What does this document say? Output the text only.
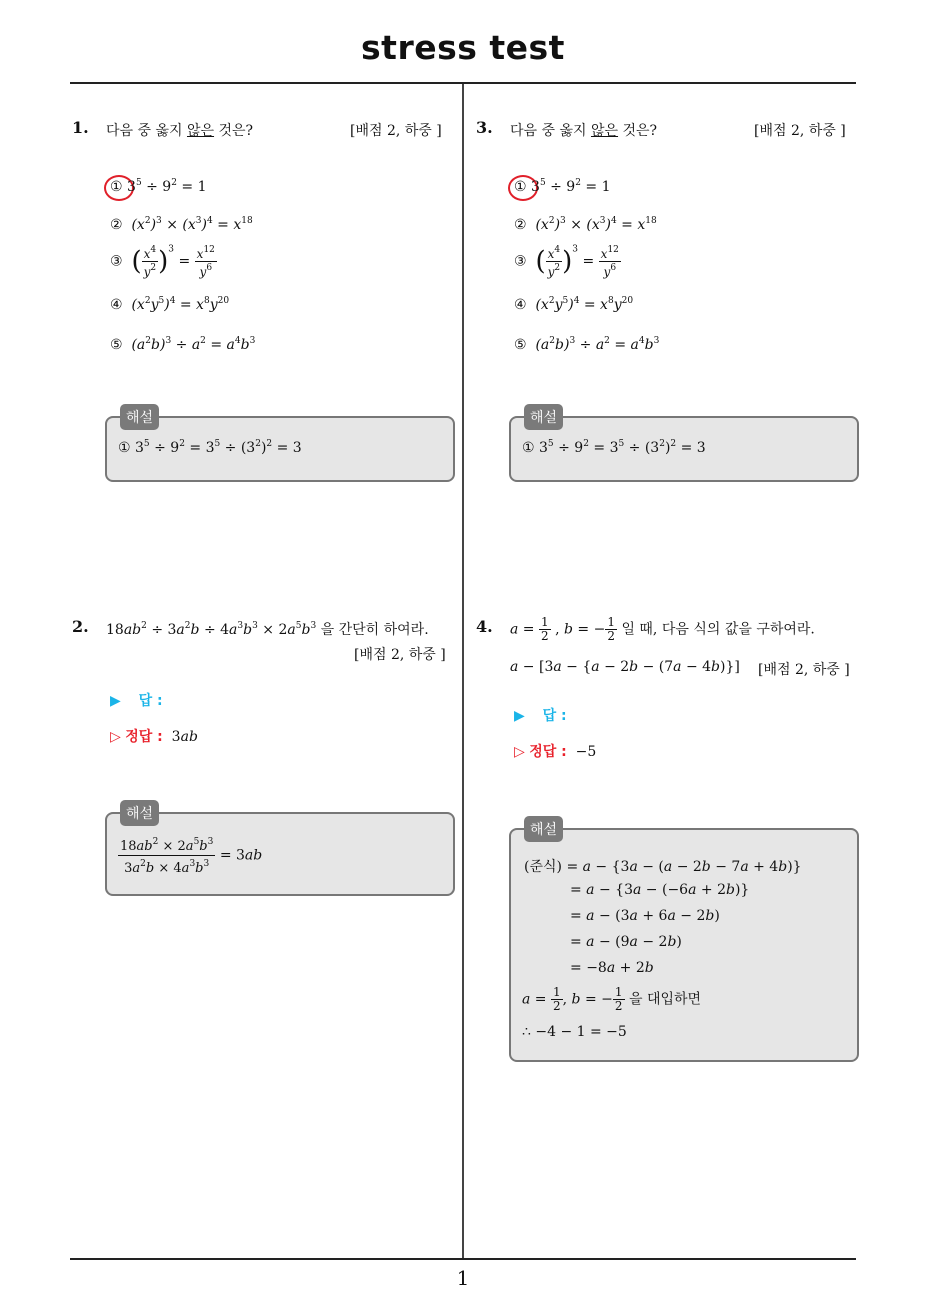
stress test
1
1. 다음 중 옳지 않은 것은?	[배점 2, 하중 ]
① $3^5 \div 9^2 = 1$
② $(x^2)^3 \times (x^3)^4 = x^{18}$
③ ( $\frac{x^4}{y^2} )^3 = \frac{x^{12}}{y^6}$
④ $(x^2y^5)^4 = x^8y^{20}$
⑤ $(a^2b)^3 \div a^2 = a^4b^3$
해설
① $3^5 \div 9^2 = 3^5 \div (3^2)^2 = 3$
3. 다음 중 옳지 않은 것은?	[배점 2, 하중 ]
① $3^5 \div 9^2 = 1$
② $(x^2)^3 \times (x^3)^4 = x^{18}$
③ ( $\frac{x^4}{y^2} )^3 = \frac{x^{12}}{y^6}$
④ $(x^2y^5)^4 = x^8y^{20}$
⑤ $(a^2b)^3 \div a^2 = a^4b^3$
해설
① $3^5 \div 9^2 = 3^5 \div (3^2)^2 = 3$
2. $18ab^2 \div 3a^2b \div 4a^3b^3 \times 2a^5b^3$ 을 간단히 하여라.
[배점 2, 하중 ]
▶ 답 :
▷ 정답 : 3ab
해설
$\frac{18ab^2 \times 2a^5b^3}{3a^2b \times 4a^3b^3} = 3ab$
4. $a = \frac{1}{2}$ , b = − $\frac{1}{2}$ 일 때, 다음 식의 값을 구하여라.
a − [3a − {a − 2b − (7a − 4b)}] [배점 2, 하중 ]
▶ 답 :
▷ 정답 : −5
해설
(준식) = a − {3a − (a − 2b − 7a + 4b)}
= a − {3a − (−6a + 2b)}
= a − (3a + 6a − 2b)
= a − (9a − 2b)
= −8a + 2b
$a = \frac{1}{2}$ , b = − $\frac{1}{2}$ 을 대입하면
∴ −4 − 1 = −5
